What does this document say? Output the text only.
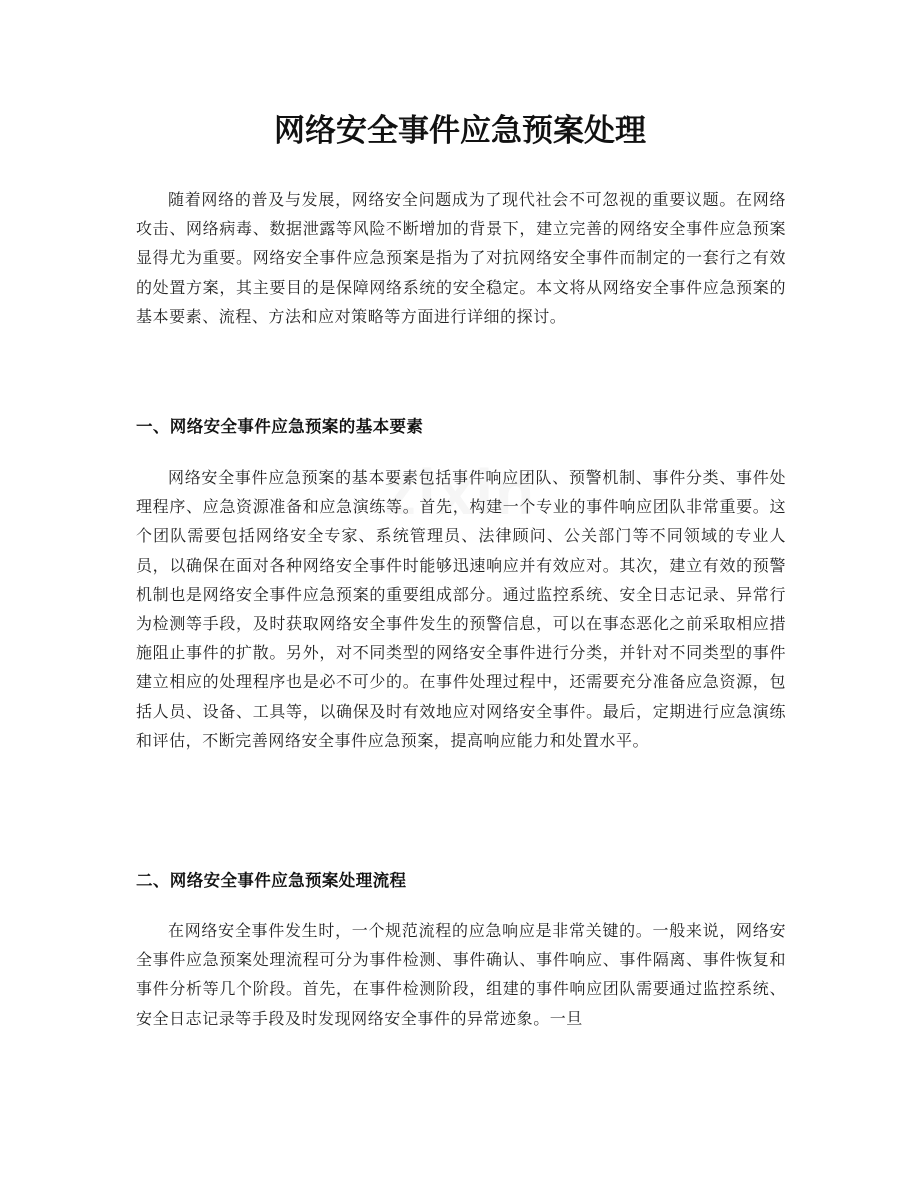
网络安全事件应急预案处理

随着网络的普及与发展，网络安全问题成为了现代社会不可忽视的重要议题。在网络攻击、网络病毒、数据泄露等风险不断增加的背景下，建立完善的网络安全事件应急预案显得尤为重要。网络安全事件应急预案是指为了对抗网络安全事件而制定的一套行之有效的处置方案，其主要目的是保障网络系统的安全稳定。本文将从网络安全事件应急预案的基本要素、流程、方法和应对策略等方面进行详细的探讨。

一、网络安全事件应急预案的基本要素

网络安全事件应急预案的基本要素包括事件响应团队、预警机制、事件分类、事件处理程序、应急资源准备和应急演练等。首先，构建一个专业的事件响应团队非常重要。这个团队需要包括网络安全专家、系统管理员、法律顾问、公关部门等不同领域的专业人员，以确保在面对各种网络安全事件时能够迅速响应并有效应对。其次，建立有效的预警机制也是网络安全事件应急预案的重要组成部分。通过监控系统、安全日志记录、异常行为检测等手段，及时获取网络安全事件发生的预警信息，可以在事态恶化之前采取相应措施阻止事件的扩散。另外，对不同类型的网络安全事件进行分类，并针对不同类型的事件建立相应的处理程序也是必不可少的。在事件处理过程中，还需要充分准备应急资源，包括人员、设备、工具等，以确保及时有效地应对网络安全事件。最后，定期进行应急演练和评估，不断完善网络安全事件应急预案，提高响应能力和处置水平。

二、网络安全事件应急预案处理流程

在网络安全事件发生时，一个规范流程的应急响应是非常关键的。一般来说，网络安全事件应急预案处理流程可分为事件检测、事件确认、事件响应、事件隔离、事件恢复和事件分析等几个阶段。首先，在事件检测阶段，组建的事件响应团队需要通过监控系统、安全日志记录等手段及时发现网络安全事件的异常迹象。一旦
